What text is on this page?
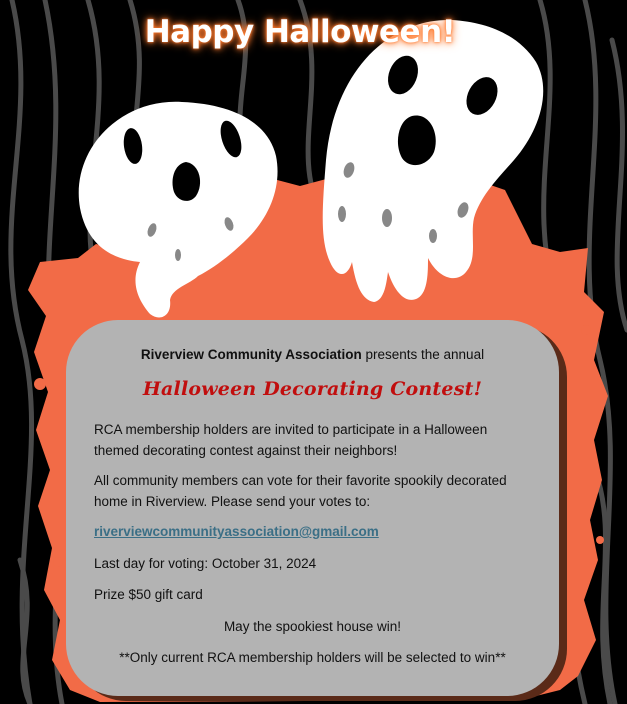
Happy Halloween!

Riverview Community Association presents the annual

Halloween Decorating Contest!

RCA membership holders are invited to participate in a Halloween themed decorating contest against their neighbors!

All community members can vote for their favorite spookily decorated home in Riverview. Please send your votes to:

riverviewcommunityassociation@gmail.com

Last day for voting: October 31, 2024

Prize $50 gift card

May the spookiest house win!

**Only current RCA membership holders will be selected to win**
